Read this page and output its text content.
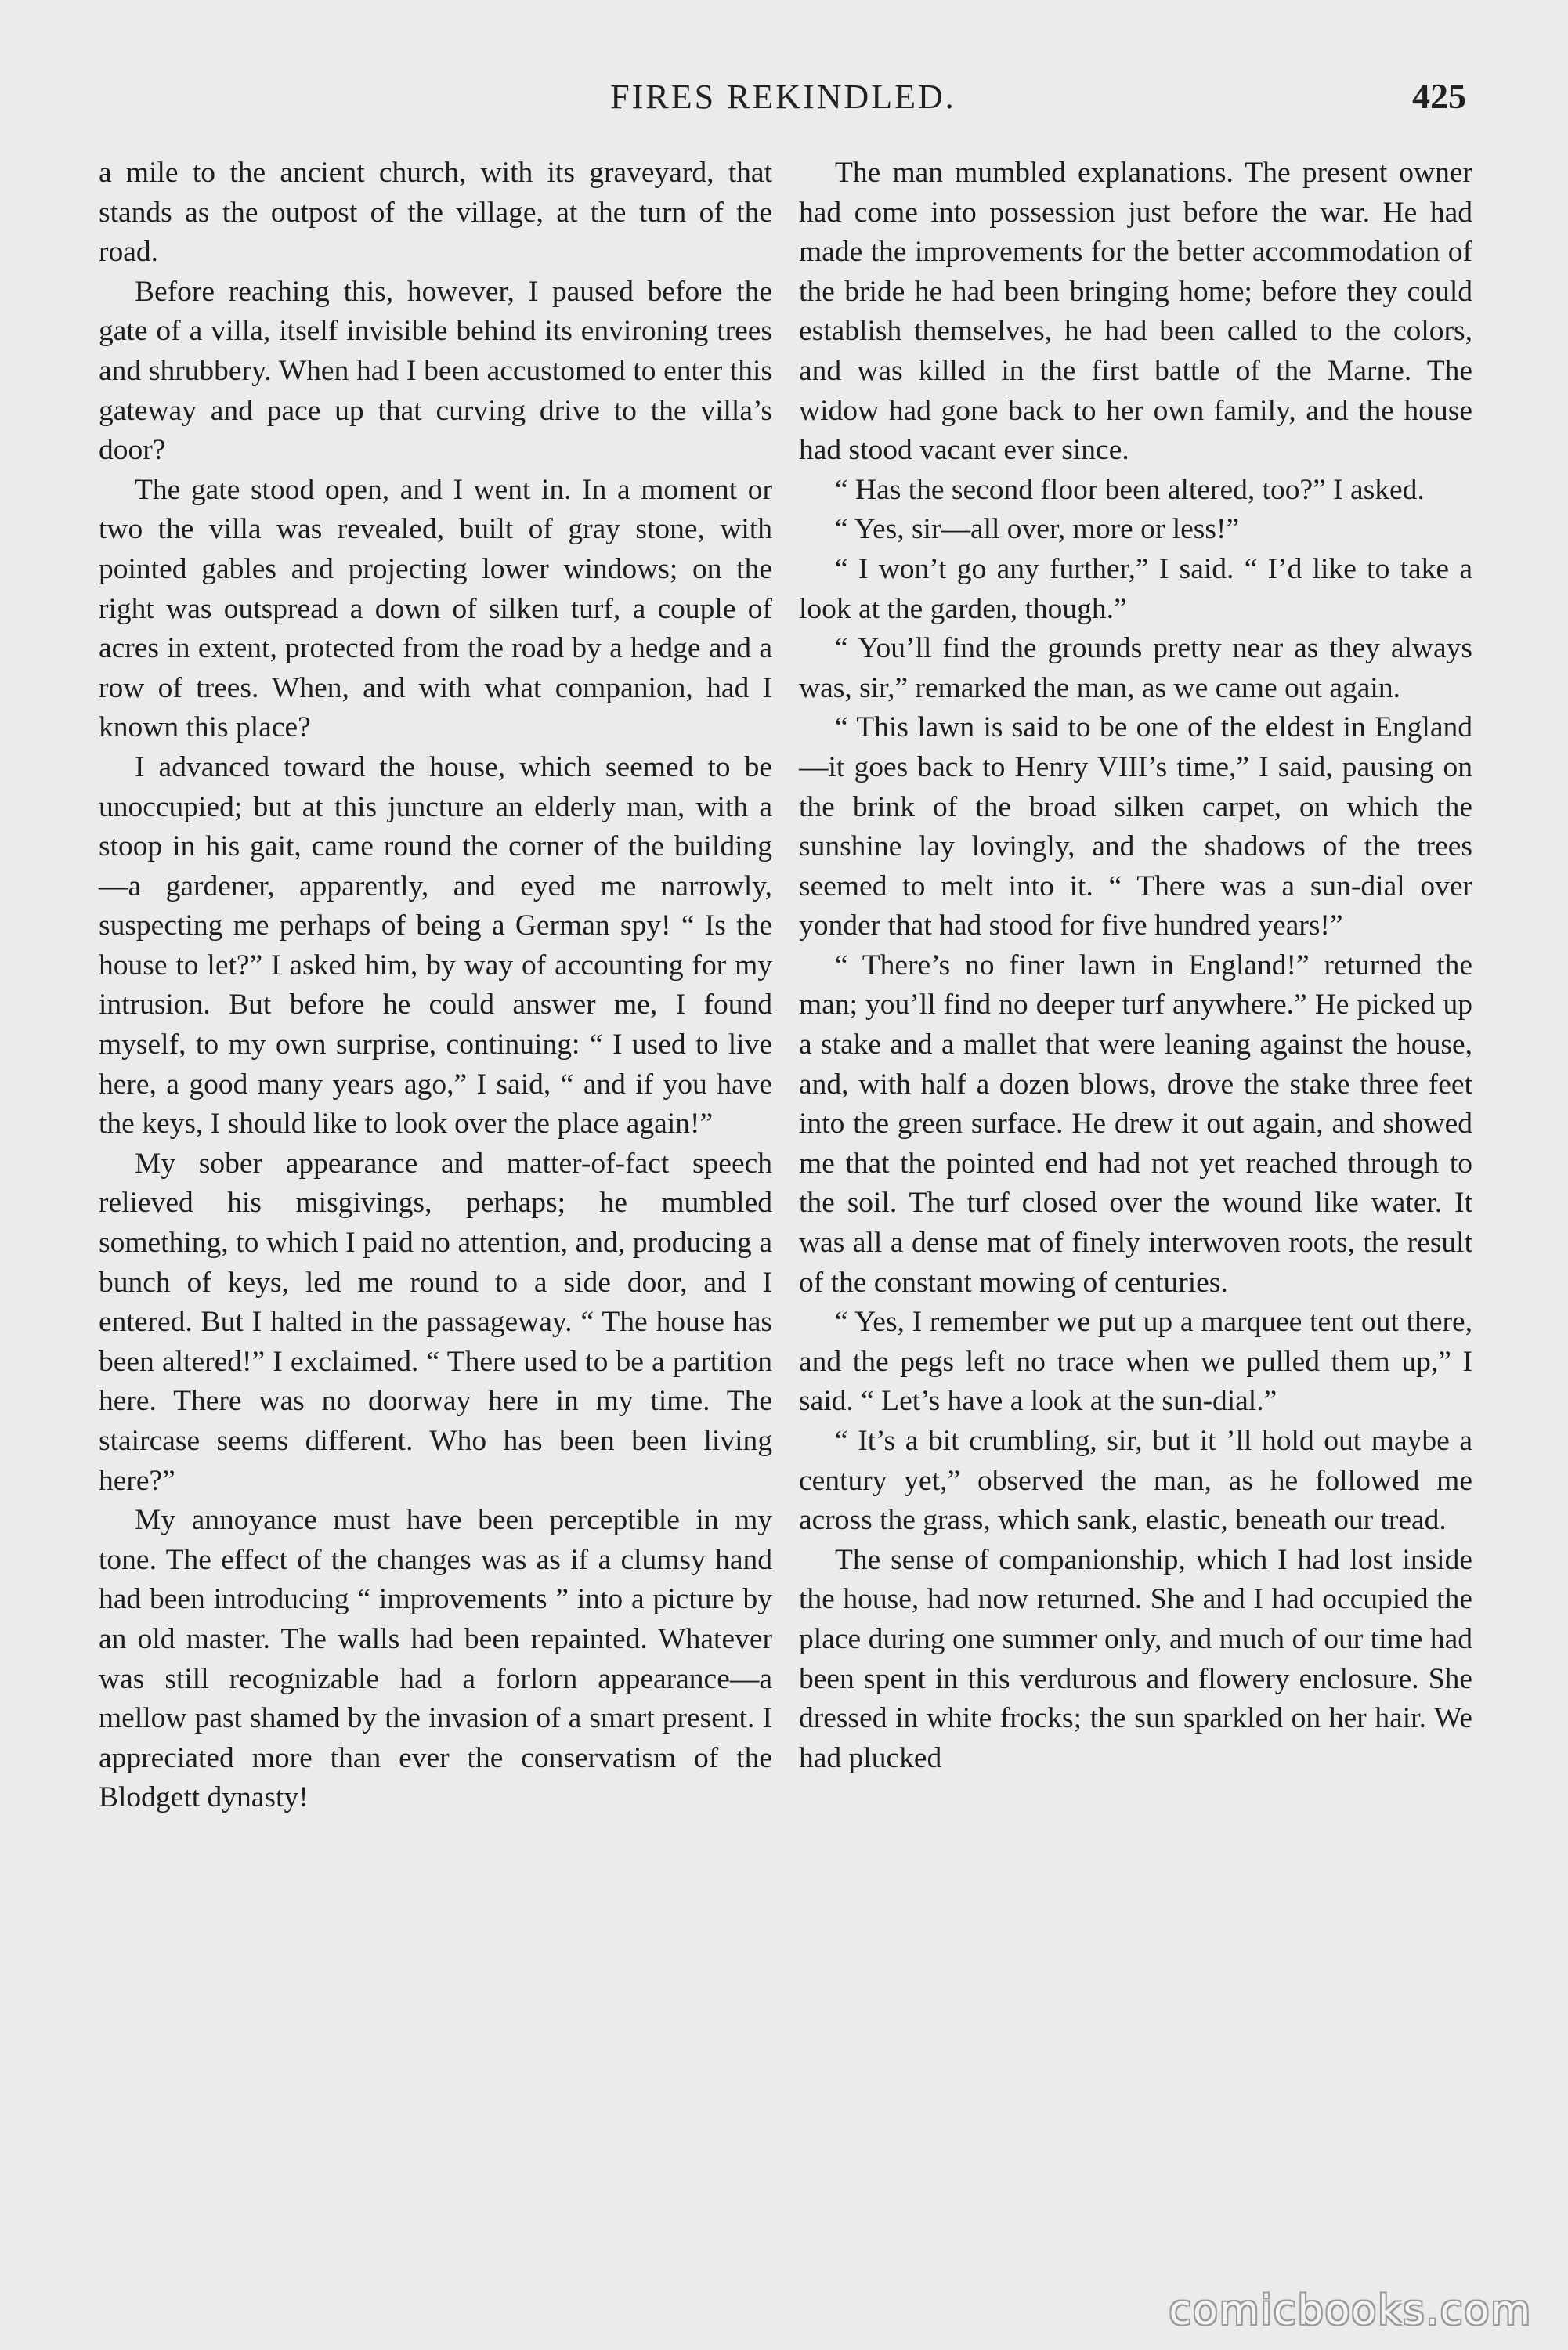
FIRES REKINDLED.	425

a mile to the ancient church, with its graveyard, that stands as the outpost of the village, at the turn of the road.

Before reaching this, however, I paused before the gate of a villa, itself invisible behind its environing trees and shrubbery. When had I been accustomed to enter this gateway and pace up that curving drive to the villa’s door?

The gate stood open, and I went in. In a moment or two the villa was revealed, built of gray stone, with pointed gables and projecting lower windows; on the right was outspread a down of silken turf, a couple of acres in extent, protected from the road by a hedge and a row of trees. When, and with what companion, had I known this place?

I advanced toward the house, which seemed to be unoccupied; but at this juncture an elderly man, with a stoop in his gait, came round the corner of the building —a gardener, apparently, and eyed me narrowly, suspecting me perhaps of being a German spy! “ Is the house to let?” I asked him, by way of accounting for my intrusion. But before he could answer me, I found myself, to my own surprise, continuing: “ I used to live here, a good many years ago,” I said, “ and if you have the keys, I should like to look over the place again!”

My sober appearance and matter-of-fact speech relieved his misgivings, perhaps; he mumbled something, to which I paid no attention, and, producing a bunch of keys, led me round to a side door, and I entered. But I halted in the passageway. “ The house has been altered!” I exclaimed. “ There used to be a partition here. There was no doorway here in my time. The staircase seems different. Who has been been living here?”

My annoyance must have been perceptible in my tone. The effect of the changes was as if a clumsy hand had been introducing “ improvements ” into a picture by an old master. The walls had been repainted. Whatever was still recognizable had a forlorn appearance—a mellow past shamed by the invasion of a smart present. I appreciated more than ever the conservatism of the Blodgett dynasty!

The man mumbled explanations. The present owner had come into possession just before the war. He had made the improvements for the better accommodation of the bride he had been bringing home; before they could establish themselves, he had been called to the colors, and was killed in the first battle of the Marne. The widow had gone back to her own family, and the house had stood vacant ever since.

“ Has the second floor been altered, too?” I asked.

“ Yes, sir—all over, more or less!”

“ I won’t go any further,” I said. “ I’d like to take a look at the garden, though.”

“ You’ll find the grounds pretty near as they always was, sir,” remarked the man, as we came out again.

“ This lawn is said to be one of the eldest in England—it goes back to Henry VIII’s time,” I said, pausing on the brink of the broad silken carpet, on which the sunshine lay lovingly, and the shadows of the trees seemed to melt into it. “ There was a sun-dial over yonder that had stood for five hundred years!”

“ There’s no finer lawn in England!” returned the man; you’ll find no deeper turf anywhere.” He picked up a stake and a mallet that were leaning against the house, and, with half a dozen blows, drove the stake three feet into the green surface. He drew it out again, and showed me that the pointed end had not yet reached through to the soil. The turf closed over the wound like water. It was all a dense mat of finely interwoven roots, the result of the constant mowing of centuries.

“ Yes, I remember we put up a marquee tent out there, and the pegs left no trace when we pulled them up,” I said. “ Let’s have a look at the sun-dial.”

“ It’s a bit crumbling, sir, but it ’ll hold out maybe a century yet,” observed the man, as he followed me across the grass, which sank, elastic, beneath our tread.

The sense of companionship, which I had lost inside the house, had now returned. She and I had occupied the place during one summer only, and much of our time had been spent in this verdurous and flowery enclosure. She dressed in white frocks; the sun sparkled on her hair. We had plucked

comicbooks.com
